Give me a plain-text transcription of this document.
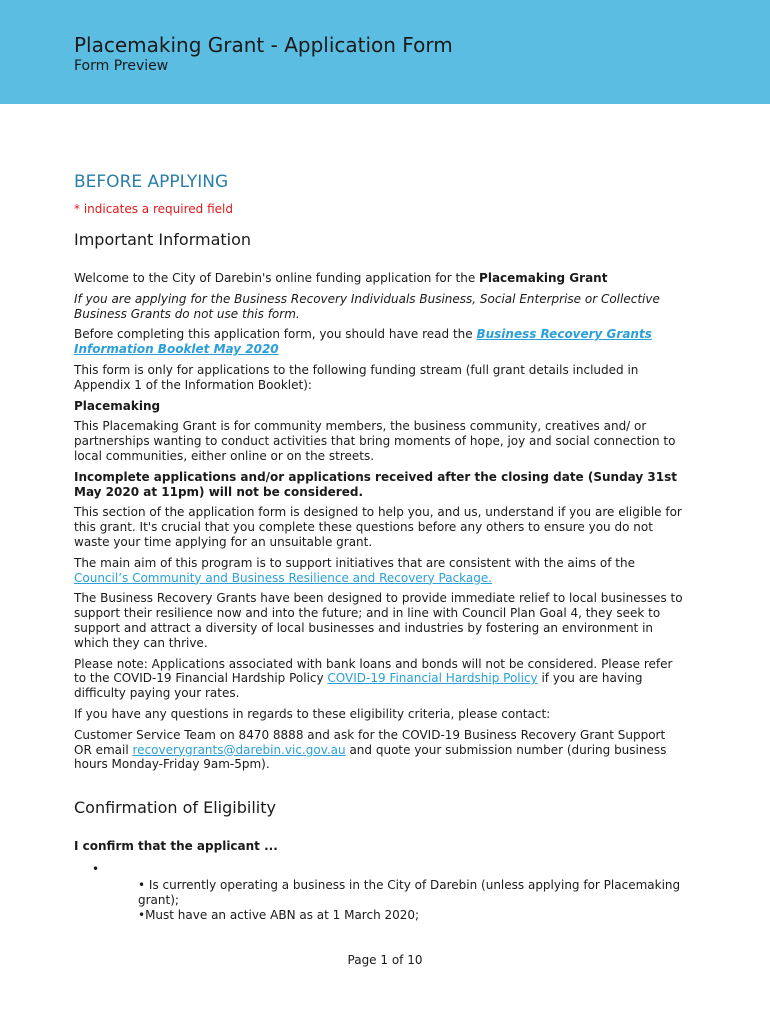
Placemaking Grant - Application Form
Form Preview
BEFORE APPLYING
* indicates a required field
Important Information

Welcome to the City of Darebin's online funding application for the Placemaking Grant

If you are applying for the Business Recovery Individuals Business, Social Enterprise or Collective Business Grants do not use this form.

Before completing this application form, you should have read the Business Recovery Grants Information Booklet May 2020

This form is only for applications to the following funding stream (full grant details included in Appendix 1 of the Information Booklet):

Placemaking

This Placemaking Grant is for community members, the business community, creatives and/ or partnerships wanting to conduct activities that bring moments of hope, joy and social connection to local communities, either online or on the streets.

Incomplete applications and/or applications received after the closing date (Sunday 31st May 2020 at 11pm) will not be considered.

This section of the application form is designed to help you, and us, understand if you are eligible for this grant. It's crucial that you complete these questions before any others to ensure you do not waste your time applying for an unsuitable grant.

The main aim of this program is to support initiatives that are consistent with the aims of the Council’s Community and Business Resilience and Recovery Package.

The Business Recovery Grants have been designed to provide immediate relief to local businesses to support their resilience now and into the future; and in line with Council Plan Goal 4, they seek to support and attract a diversity of local businesses and industries by fostering an environment in which they can thrive.

Please note: Applications associated with bank loans and bonds will not be considered. Please refer to the COVID-19 Financial Hardship Policy COVID-19 Financial Hardship Policy if you are having difficulty paying your rates.

If you have any questions in regards to these eligibility criteria, please contact:

Customer Service Team on 8470 8888 and ask for the COVID-19 Business Recovery Grant Support OR email recoverygrants@darebin.vic.gov.au and quote your submission number (during business hours Monday-Friday 9am-5pm).

Confirmation of Eligibility

I confirm that the applicant ...

•
• Is currently operating a business in the City of Darebin (unless applying for Placemaking grant);
•Must have an active ABN as at 1 March 2020;
Page 1 of 10
